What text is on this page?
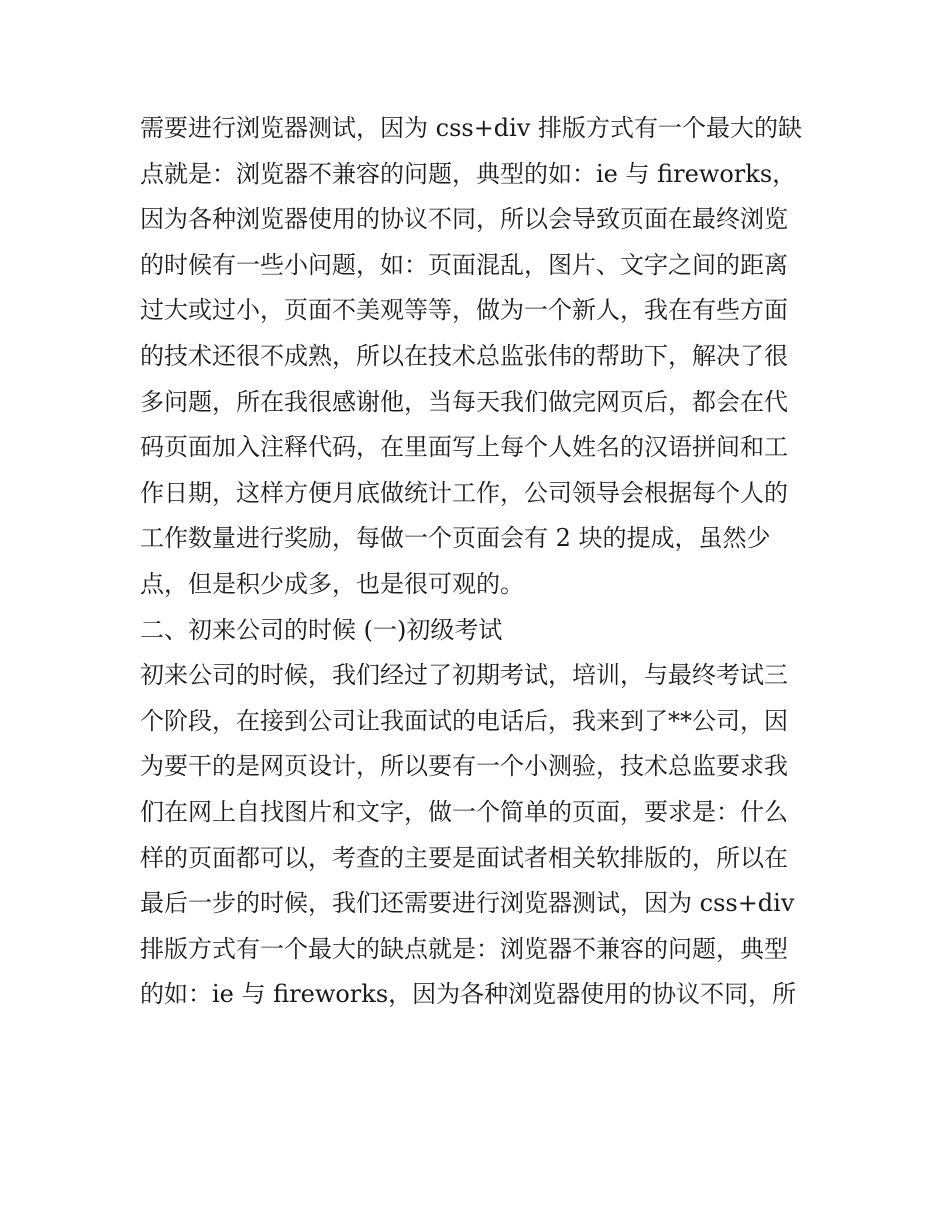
需要进行浏览器测试，因为 css+div 排版方式有一个最大的缺
点就是：浏览器不兼容的问题，典型的如：ie 与 fireworks，
因为各种浏览器使用的协议不同，所以会导致页面在最终浏览
的时候有一些小问题，如：页面混乱，图片、文字之间的距离
过大或过小，页面不美观等等，做为一个新人，我在有些方面
的技术还很不成熟，所以在技术总监张伟的帮助下，解决了很
多问题，所在我很感谢他，当每天我们做完网页后，都会在代
码页面加入注释代码，在里面写上每个人姓名的汉语拼间和工
作日期，这样方便月底做统计工作，公司领导会根据每个人的
工作数量进行奖励，每做一个页面会有 2 块的提成，虽然少
点，但是积少成多，也是很可观的。
二、初来公司的时候 (一)初级考试
初来公司的时候，我们经过了初期考试，培训，与最终考试三
个阶段，在接到公司让我面试的电话后，我来到了**公司，因
为要干的是网页设计，所以要有一个小测验，技术总监要求我
们在网上自找图片和文字，做一个简单的页面，要求是：什么
样的页面都可以，考查的主要是面试者相关软排版的，所以在
最后一步的时候，我们还需要进行浏览器测试，因为 css+div
排版方式有一个最大的缺点就是：浏览器不兼容的问题，典型
的如：ie 与 fireworks，因为各种浏览器使用的协议不同，所
